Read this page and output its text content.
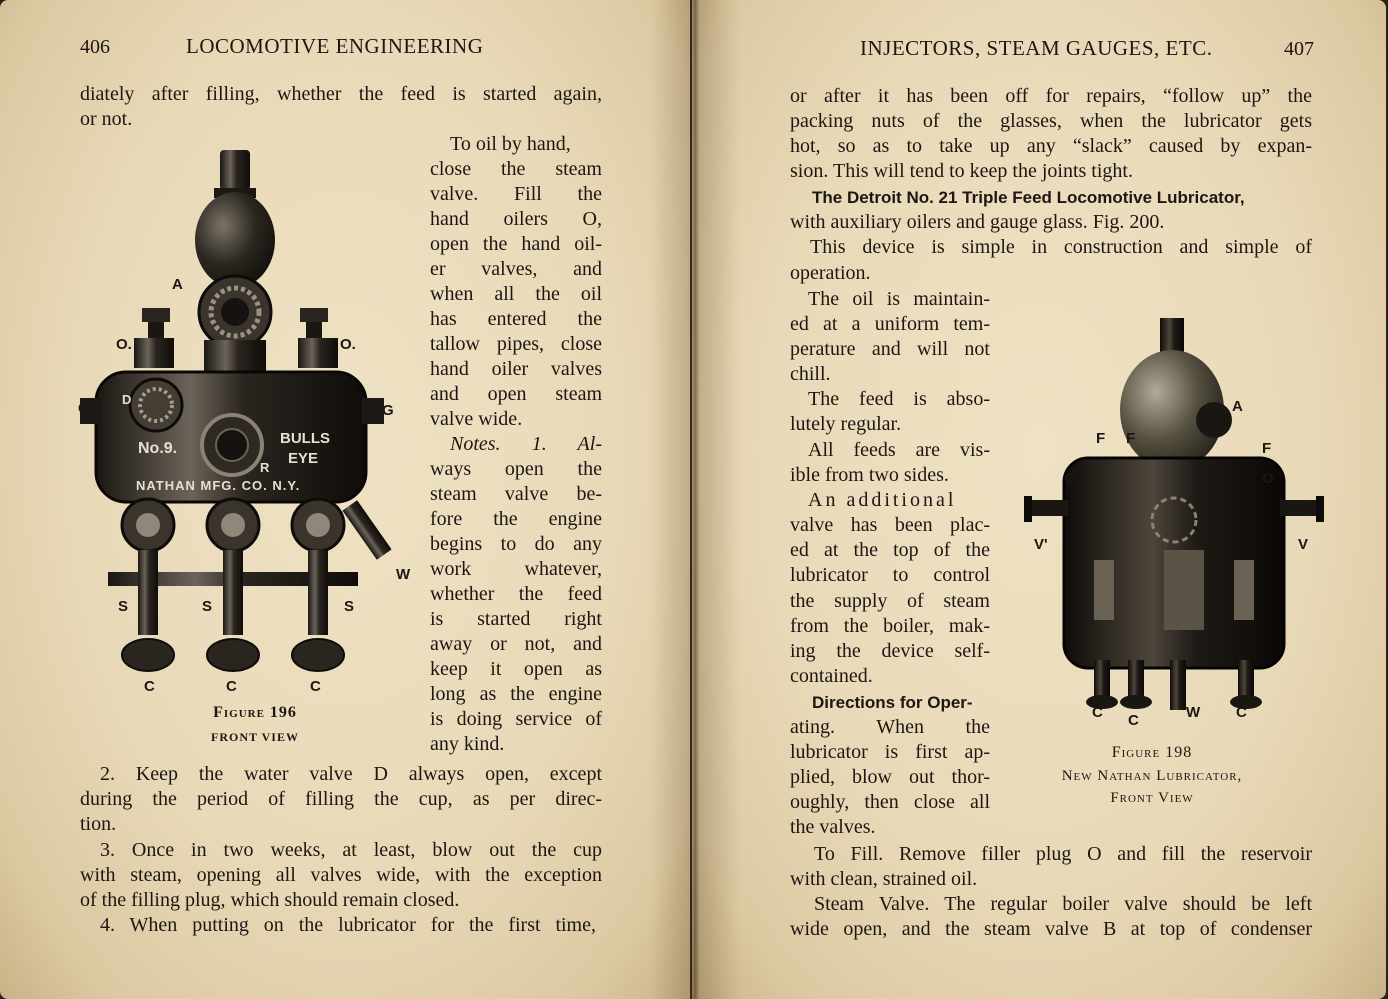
406	LOCOMOTIVE ENGINEERING
diately after filling, whether the feed is started again,
or not.
To oil by hand,
close the steam
valve. Fill the
hand oilers O,
open the hand oil-
er valves, and
when all the oil
has entered the
tallow pipes, close
hand oiler valves
and open steam
valve wide.
Notes. 1. Al-
ways open the
steam valve be-
fore the engine
begins to do any
work whatever,
whether the feed
is started right
away or not, and
keep it open as
long as the engine
is doing service of
any kind.
No.9.
BULLS
EYE
NATHAN MFG. CO. N.Y.
A
O.	O.
G	G
D
R
W
S	S	S
C	C	C
Figure 196
FRONT VIEW
2. Keep the water valve D always open, except
during the period of filling the cup, as per direc-
tion.
3. Once in two weeks, at least, blow out the cup
with steam, opening all valves wide, with the exception
of the filling plug, which should remain closed.
4. When putting on the lubricator for the first time,
INJECTORS, STEAM GAUGES, ETC.	407
or after it has been off for repairs, “follow up” the
packing nuts of the glasses, when the lubricator gets
hot, so as to take up any “slack” caused by expan-
sion. This will tend to keep the joints tight.
The Detroit No. 21 Triple Feed Locomotive Lubricator,
with auxiliary oilers and gauge glass. Fig. 200.
This device is simple in construction and simple of
operation.
The oil is maintain-
ed at a uniform tem-
perature and will not
chill.
The feed is abso-
lutely regular.
All feeds are vis-
ible from two sides.
An additional
valve has been plac-
ed at the top of the
lubricator to control
the supply of steam
from the boiler, mak-
ing the device self-
contained.
Directions for Oper-
ating. When the
lubricator is first ap-
plied, blow out thor-
oughly, then close all
the valves.
A
F F
F
O	O
V'	V
C C	W C
Figure 198
New Nathan Lubricator,
Front View
To Fill. Remove filler plug O and fill the reservoir
with clean, strained oil.
Steam Valve. The regular boiler valve should be left
wide open, and the steam valve B at top of condenser
